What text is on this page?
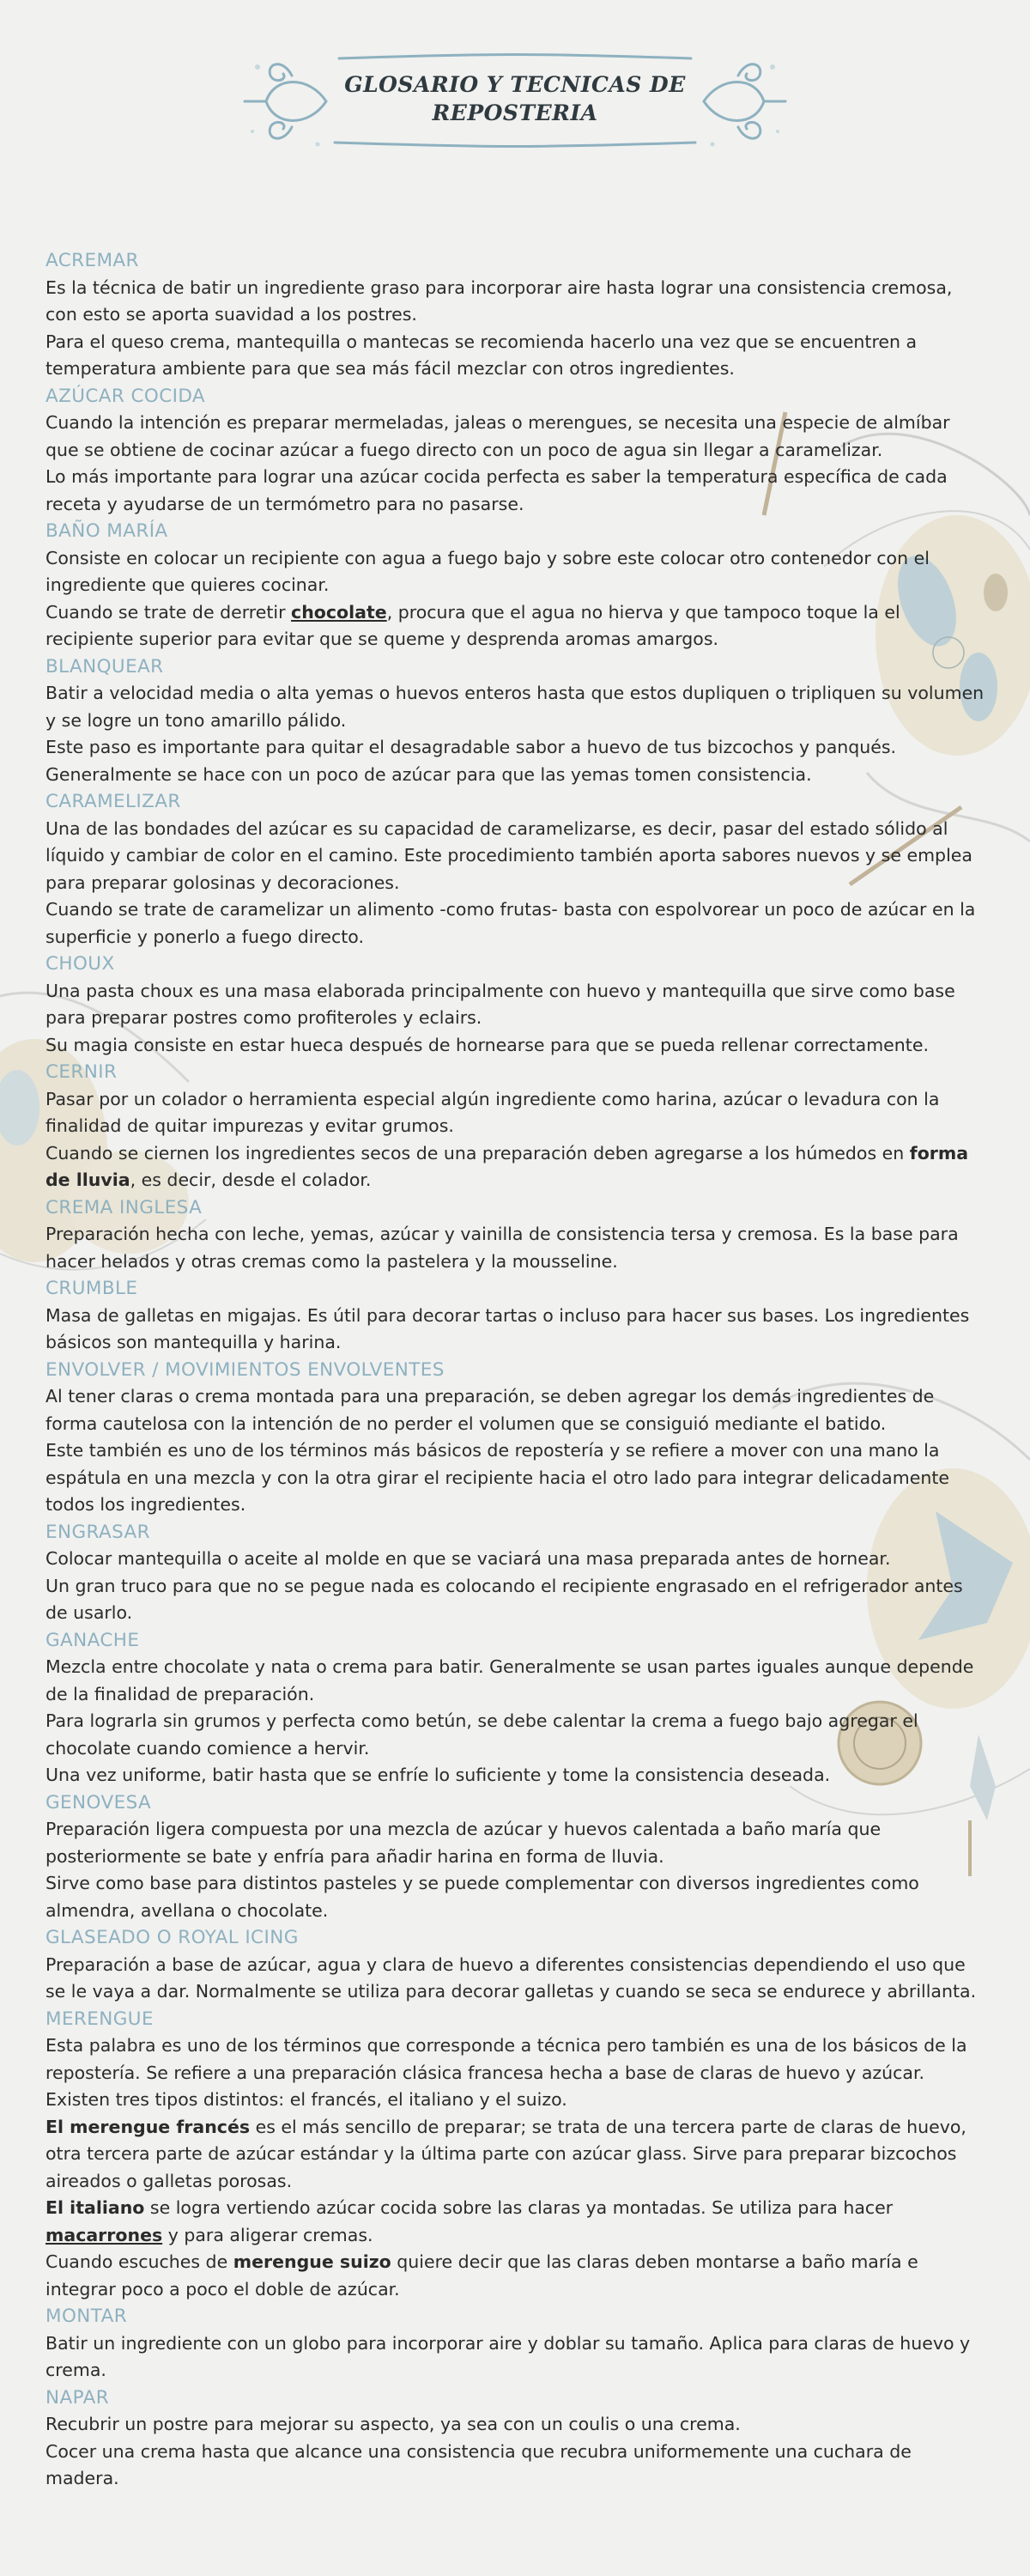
GLOSARIO Y TECNICAS DE
REPOSTERIA
ACREMAR

Es la técnica de batir un ingrediente graso para incorporar aire hasta lograr una consistencia cremosa, con esto se aporta suavidad a los postres.

Para el queso crema, mantequilla o mantecas se recomienda hacerlo una vez que se encuentren a temperatura ambiente para que sea más fácil mezclar con otros ingredientes.

AZÚCAR COCIDA

Cuando la intención es preparar mermeladas, jaleas o merengues, se necesita una especie de almíbar que se obtiene de cocinar azúcar a fuego directo con un poco de agua sin llegar a caramelizar.

Lo más importante para lograr una azúcar cocida perfecta es saber la temperatura específica de cada receta y ayudarse de un termómetro para no pasarse.

BAÑO MARÍA

Consiste en colocar un recipiente con agua a fuego bajo y sobre este colocar otro contenedor con el ingrediente que quieres cocinar.

Cuando se trate de derretir chocolate, procura que el agua no hierva y que tampoco toque la el recipiente superior para evitar que se queme y desprenda aromas amargos.

BLANQUEAR

Batir a velocidad media o alta yemas o huevos enteros hasta que estos dupliquen o tripliquen su volumen y se logre un tono amarillo pálido.

Este paso es importante para quitar el desagradable sabor a huevo de tus bizcochos y panqués. Generalmente se hace con un poco de azúcar para que las yemas tomen consistencia.

CARAMELIZAR

Una de las bondades del azúcar es su capacidad de caramelizarse, es decir, pasar del estado sólido al líquido y cambiar de color en el camino. Este procedimiento también aporta sabores nuevos y se emplea para preparar golosinas y decoraciones.

Cuando se trate de caramelizar un alimento -como frutas- basta con espolvorear un poco de azúcar en la superficie y ponerlo a fuego directo.

CHOUX

Una pasta choux es una masa elaborada principalmente con huevo y mantequilla que sirve como base para preparar postres como profiteroles y eclairs.

Su magia consiste en estar hueca después de hornearse para que se pueda rellenar correctamente.

CERNIR

Pasar por un colador o herramienta especial algún ingrediente como harina, azúcar o levadura con la finalidad de quitar impurezas y evitar grumos.

Cuando se ciernen los ingredientes secos de una preparación deben agregarse a los húmedos en forma de lluvia, es decir, desde el colador.

CREMA INGLESA

Preparación hecha con leche, yemas, azúcar y vainilla de consistencia tersa y cremosa. Es la base para hacer helados y otras cremas como la pastelera y la mousseline.

CRUMBLE

Masa de galletas en migajas. Es útil para decorar tartas o incluso para hacer sus bases. Los ingredientes básicos son mantequilla y harina.

ENVOLVER / MOVIMIENTOS ENVOLVENTES

Al tener claras o crema montada para una preparación, se deben agregar los demás ingredientes de forma cautelosa con la intención de no perder el volumen que se consiguió mediante el batido.

Este también es uno de los términos más básicos de repostería y se refiere a mover con una mano la espátula en una mezcla y con la otra girar el recipiente hacia el otro lado para integrar delicadamente todos los ingredientes.

ENGRASAR

Colocar mantequilla o aceite al molde en que se vaciará una masa preparada antes de hornear.

Un gran truco para que no se pegue nada es colocando el recipiente engrasado en el refrigerador antes de usarlo.

GANACHE

Mezcla entre chocolate y nata o crema para batir. Generalmente se usan partes iguales aunque depende de la finalidad de preparación.

Para lograrla sin grumos y perfecta como betún, se debe calentar la crema a fuego bajo agregar el chocolate cuando comience a hervir.

Una vez uniforme, batir hasta que se enfríe lo suficiente y tome la consistencia deseada.

GENOVESA

Preparación ligera compuesta por una mezcla de azúcar y huevos calentada a baño maría que posteriormente se bate y enfría para añadir harina en forma de lluvia.

Sirve como base para distintos pasteles y se puede complementar con diversos ingredientes como almendra, avellana o chocolate.

GLASEADO O ROYAL ICING

Preparación a base de azúcar, agua y clara de huevo a diferentes consistencias dependiendo el uso que se le vaya a dar. Normalmente se utiliza para decorar galletas y cuando se seca se endurece y abrillanta.

MERENGUE

Esta palabra es uno de los términos que corresponde a técnica pero también es una de los básicos de la repostería. Se refiere a una preparación clásica francesa hecha a base de claras de huevo y azúcar. Existen tres tipos distintos: el francés, el italiano y el suizo.

El merengue francés es el más sencillo de preparar; se trata de una tercera parte de claras de huevo, otra tercera parte de azúcar estándar y la última parte con azúcar glass. Sirve para preparar bizcochos aireados o galletas porosas.

El italiano se logra vertiendo azúcar cocida sobre las claras ya montadas. Se utiliza para hacer macarrones y para aligerar cremas.

Cuando escuches de merengue suizo quiere decir que las claras deben montarse a baño maría e integrar poco a poco el doble de azúcar.

MONTAR

Batir un ingrediente con un globo para incorporar aire y doblar su tamaño. Aplica para claras de huevo y crema.

NAPAR

Recubrir un postre para mejorar su aspecto, ya sea con un coulis o una crema.

Cocer una crema hasta que alcance una consistencia que recubra uniformemente una cuchara de madera.
